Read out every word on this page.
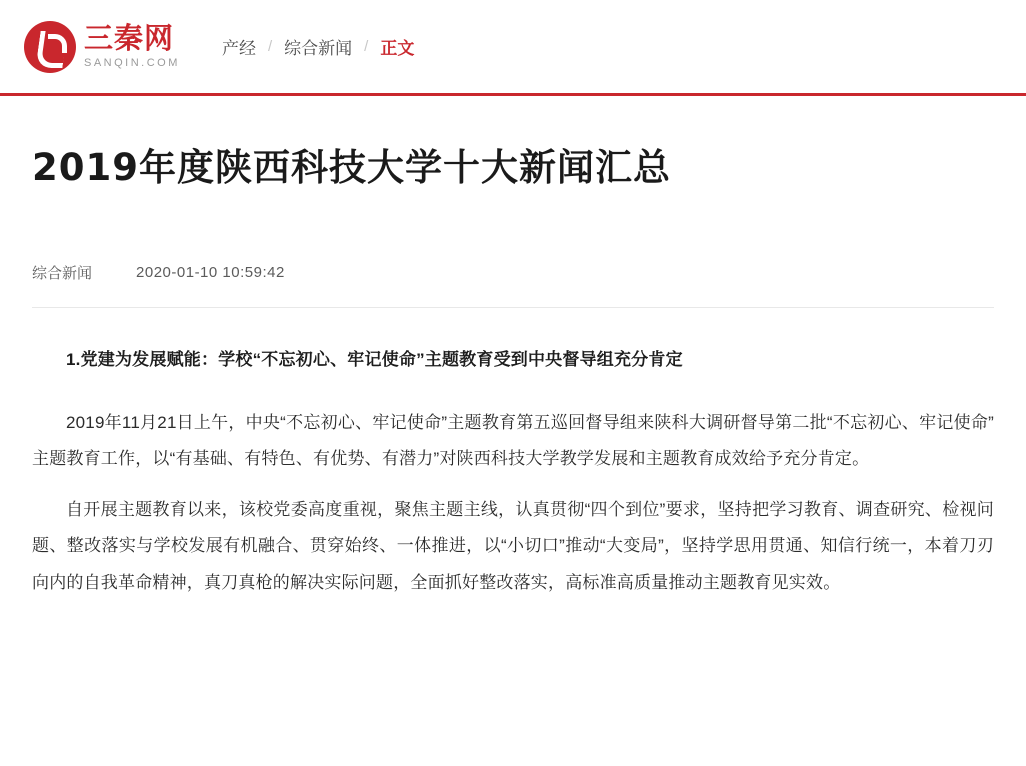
三秦网
SANQIN.COM
产经 / 综合新闻 / 正文
2019年度陕西科技大学十大新闻汇总
综合新闻	2020-01-10 10:59:42

1.党建为发展赋能：学校“不忘初心、牢记使命”主题教育受到中央督导组充分肯定

2019年11月21日上午，中央“不忘初心、牢记使命”主题教育第五巡回督导组来陕科大调研督导第二批“不忘初心、牢记使命”主题教育工作，以“有基础、有特色、有优势、有潜力”对陕西科技大学教学发展和主题教育成效给予充分肯定。

自开展主题教育以来，该校党委高度重视，聚焦主题主线，认真贯彻“四个到位”要求，坚持把学习教育、调查研究、检视问题、整改落实与学校发展有机融合、贯穿始终、一体推进，以“小切口”推动“大变局”，坚持学思用贯通、知信行统一，本着刀刃向内的自我革命精神，真刀真枪的解决实际问题，全面抓好整改落实，高标准高质量推动主题教育见实效。
